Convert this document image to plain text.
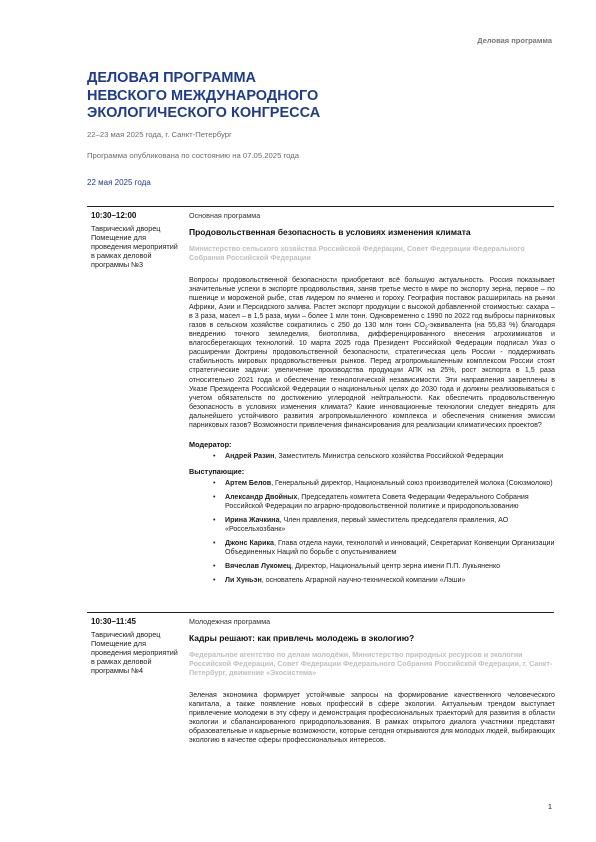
Деловая программа
ДЕЛОВАЯ ПРОГРАММА
НЕВСКОГО МЕЖДУНАРОДНОГО
ЭКОЛОГИЧЕСКОГО КОНГРЕССА
22–23 мая 2025 года, г. Санкт-Петербург
Программа опубликована по состоянию на 07.05.2025 года
22 мая 2025 года
10:30–12:00
Таврический дворец Помещение для проведения мероприятий в рамках деловой программы №3
Основная программа
Продовольственная безопасность в условиях изменения климата
Министерство сельского хозяйства Российской Федерации, Совет Федерации Федерального Собрания Российской Федерации
Вопросы продовольственной безопасности приобретают всё большую актуальность. Россия показывает значительные успехи в экспорте продовольствия, заняв третье место в мире по экспорту зерна, первое – по пшенице и мороженой рыбе, став лидером по ячменю и гороху. География поставок расширилась на рынки Африки, Азии и Персидского залива. Растет экспорт продукции с высокой добавленной стоимостью: сахара – в 3 раза, масел – в 1,5 раза, муки – более 1 млн тонн. Одновременно с 1990 по 2022 год выбросы парниковых газов в сельском хозяйстве сократились с 250 до 130 млн тонн $CO_2$-эквивалента (на 55,83 %) благодаря внедрению точного земледелия, биотоплива, дифференцированного внесения агрохимикатов и влагосберегающих технологий. 10 марта 2025 года Президент Российской Федерации подписал Указ о расширении Доктрины продовольственной безопасности, стратегическая цель России - поддерживать стабильность мировых продовольственных рынков. Перед агропромышленным комплексом России стоят стратегические задачи: увеличение производства продукции АПК на 25%, рост экспорта в 1,5 раза относительно 2021 года и обеспечение технологической независимости. Эти направления закреплены в Указе Президента Российской Федерации о национальных целях до 2030 года и должны реализовываться с учетом обязательств по достижению углеродной нейтральности. Как обеспечить продовольственную безопасность в условиях изменения климата? Какие инновационные технологии следует внедрять для дальнейшего устойчивого развития агропромышленного комплекса и обеспечения снижения эмиссии парниковых газов? Возможности привлечения финансирования для реализации климатических проектов?
Модератор:
• Андрей Разин, Заместитель Министра сельского хозяйства Российской Федерации
Выступающие:
• Артем Белов, Генеральный директор, Национальный союз производителей молока (Союзмолоко)
• Александр Двойных, Председатель комитета Совета Федерации Федерального Собрания Российской Федерации по аграрно-продовольственной политике и природопользованию
• Ирина Жачкина, Член правления, первый заместитель председателя правления, АО «Россельхозбанк»
• Джонс Карика, Глава отдела науки, технологий и инноваций, Секретариат Конвенции Организации Объединенных Наций по борьбе с опустыниванием
• Вячеслав Лукомец, Директор, Национальный центр зерна имени П.П. Лукьяненко
• Ли Хуньэн, основатель Аграрной научно-технической компании «Лэши»
10:30–11:45
Таврический дворец Помещение для проведения мероприятий в рамках деловой программы №4
Молодежная программа
Кадры решают: как привлечь молодежь в экологию?
Федеральное агентство по делам молодёжи, Министерство природных ресурсов и экологии Российской Федерации, Совет Федерации Федерального Собрания Российской Федерации, г. Санкт-Петербург, движение «Экосистема»
Зеленая экономика формирует устойчивые запросы на формирование качественного человеческого капитала, а также появление новых профессий в сфере экологии. Актуальным трендом выступает привлечение молодежи в эту сферу и демонстрация профессиональных траекторий для развития в области экологии и сбалансированного природопользования. В рамках открытого диалога участники представят образовательные и карьерные возможности, которые сегодня открываются для молодых людей, выбирающих экологию в качестве сферы профессиональных интересов.
1
